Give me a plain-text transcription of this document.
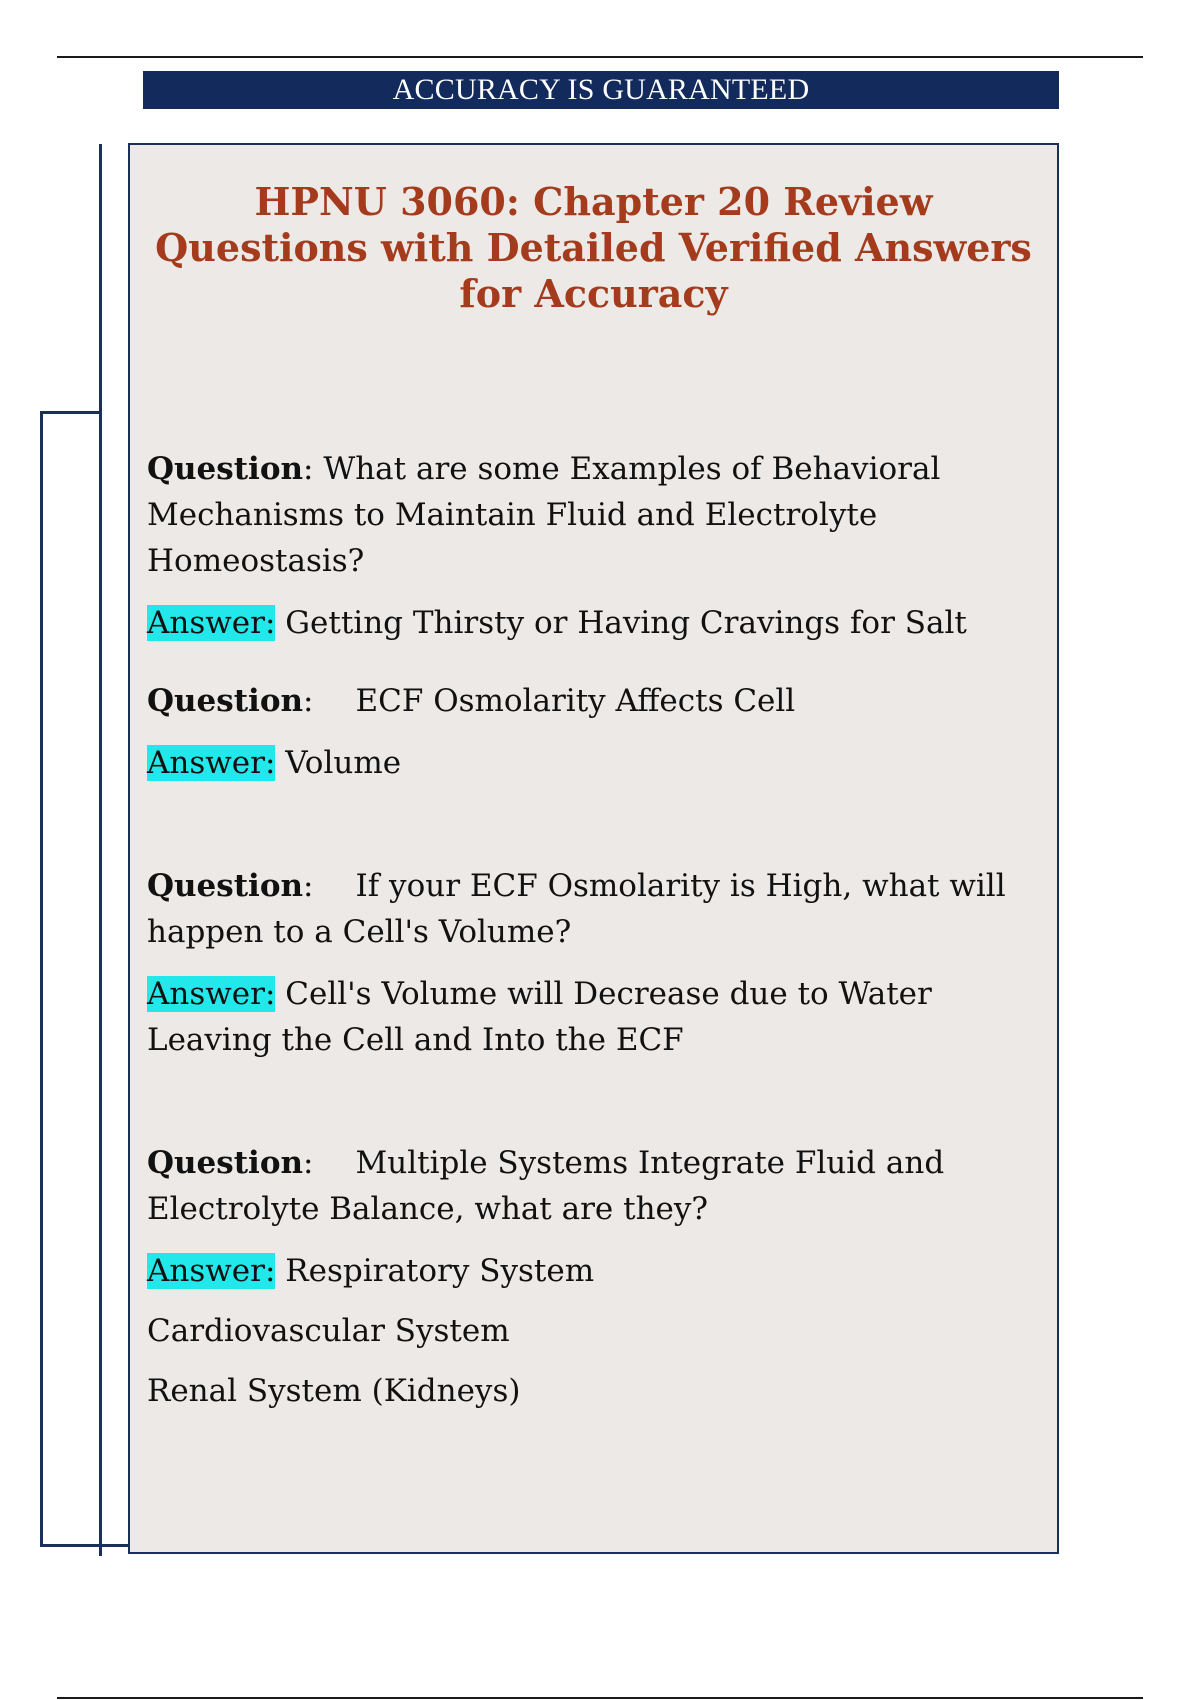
ACCURACY IS GUARANTEED
HPNU 3060: Chapter 20 Review Questions with Detailed Verified Answers for Accuracy
Question: What are some Examples of Behavioral Mechanisms to Maintain Fluid and Electrolyte Homeostasis?
Answer: Getting Thirsty or Having Cravings for Salt
Question: ECF Osmolarity Affects Cell
Answer: Volume
Question: If your ECF Osmolarity is High, what will happen to a Cell's Volume?
Answer: Cell's Volume will Decrease due to Water Leaving the Cell and Into the ECF
Question: Multiple Systems Integrate Fluid and Electrolyte Balance, what are they?
Answer: Respiratory System
Cardiovascular System
Renal System (Kidneys)
